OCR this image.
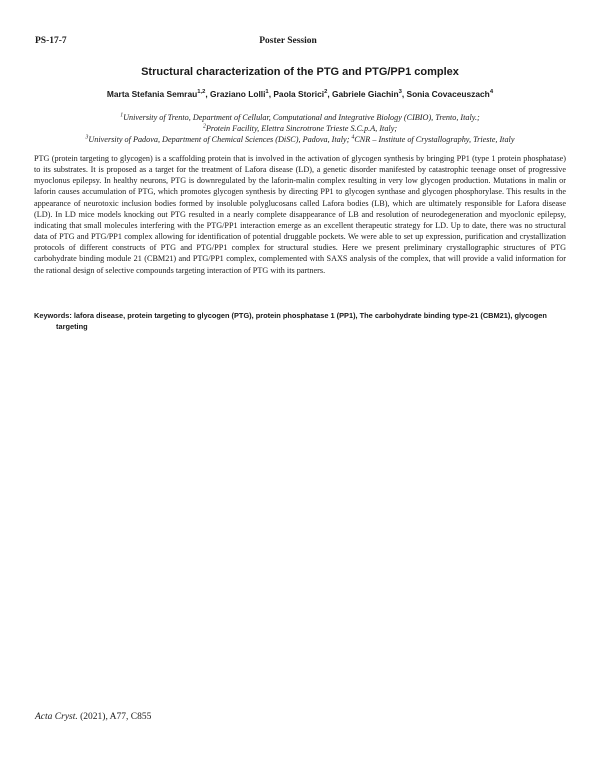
PS-17-7	Poster Session
Structural characterization of the PTG and PTG/PP1 complex
Marta Stefania Semrau$^{1,2}$, Graziano Lolli$^1$, Paola Storici$^2$, Gabriele Giachin$^3$, Sonia Covaceuszach$^4$
$^1$University of Trento, Department of Cellular, Computational and Integrative Biology (CIBIO), Trento, Italy.;
$^2$Protein Facility, Elettra Sincrotrone Trieste S.C.p.A, Italy;
$^3$University of Padova, Department of Chemical Sciences (DiSC), Padova, Italy; $^4$CNR – Institute of Crystallography, Trieste, Italy
PTG (protein targeting to glycogen) is a scaffolding protein that is involved in the activation of glycogen synthesis by bringing PP1 (type 1 protein phosphatase) to its substrates. It is proposed as a target for the treatment of Lafora disease (LD), a genetic disorder manifested by catastrophic teenage onset of progressive myoclonus epilepsy. In healthy neurons, PTG is downregulated by the laforin-malin complex resulting in very low glycogen production. Mutations in malin or laforin causes accumulation of PTG, which promotes glycogen synthesis by directing PP1 to glycogen synthase and glycogen phosphorylase. This results in the appearance of neurotoxic inclusion bodies formed by insoluble polyglucosans called Lafora bodies (LB), which are ultimately responsible for Lafora disease (LD). In LD mice models knocking out PTG resulted in a nearly complete disappearance of LB and resolution of neurodegeneration and myoclonic epilepsy, indicating that small molecules interfering with the PTG/PP1 interaction emerge as an excellent therapeutic strategy for LD. Up to date, there was no structural data of PTG and PTG/PP1 complex allowing for identification of potential druggable pockets. We were able to set up expression, purification and crystallization protocols of different constructs of PTG and PTG/PP1 complex for structural studies. Here we present preliminary crystallographic structures of PTG carbohydrate binding module 21 (CBM21) and PTG/PP1 complex, complemented with SAXS analysis of the complex, that will provide a valid information for the rational design of selective compounds targeting interaction of PTG with its partners.
Keywords: lafora disease, protein targeting to glycogen (PTG), protein phosphatase 1 (PP1), The carbohydrate binding type-21 (CBM21), glycogen targeting
Acta Cryst. (2021), A77, C855
